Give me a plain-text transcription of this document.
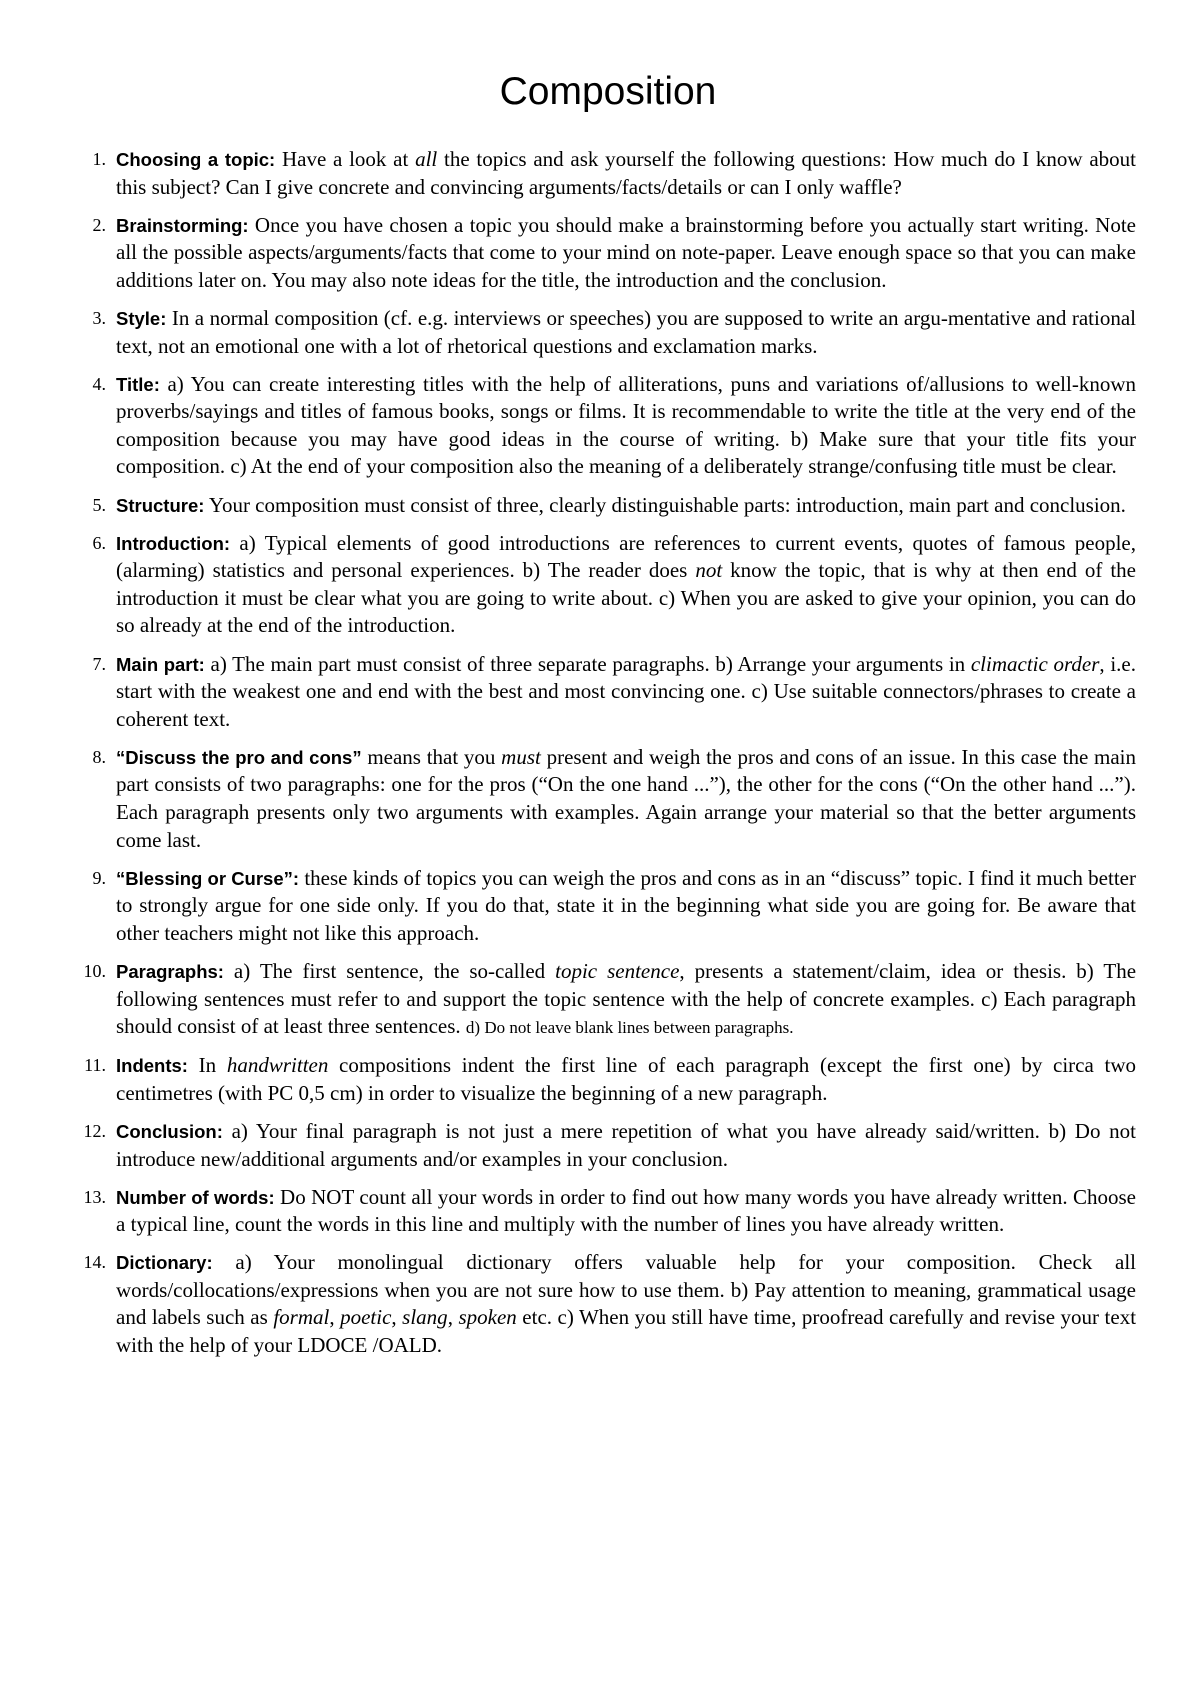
Composition
1. Choosing a topic: Have a look at all the topics and ask yourself the following questions: How much do I know about this subject? Can I give concrete and convincing arguments/facts/details or can I only waffle?
2. Brainstorming: Once you have chosen a topic you should make a brainstorming before you actually start writing. Note all the possible aspects/arguments/facts that come to your mind on note-paper. Leave enough space so that you can make additions later on. You may also note ideas for the title, the introduction and the conclusion.
3. Style: In a normal composition (cf. e.g. interviews or speeches) you are supposed to write an argu-mentative and rational text, not an emotional one with a lot of rhetorical questions and exclamation marks.
4. Title: a) You can create interesting titles with the help of alliterations, puns and variations of/allusions to well-known proverbs/sayings and titles of famous books, songs or films. It is recommendable to write the title at the very end of the composition because you may have good ideas in the course of writing. b) Make sure that your title fits your composition. c) At the end of your composition also the meaning of a deliberately strange/confusing title must be clear.
5. Structure: Your composition must consist of three, clearly distinguishable parts: introduction, main part and conclusion.
6. Introduction: a) Typical elements of good introductions are references to current events, quotes of famous people, (alarming) statistics and personal experiences. b) The reader does not know the topic, that is why at then end of the introduction it must be clear what you are going to write about. c) When you are asked to give your opinion, you can do so already at the end of the introduction.
7. Main part: a) The main part must consist of three separate paragraphs. b) Arrange your arguments in climactic order, i.e. start with the weakest one and end with the best and most convincing one. c) Use suitable connectors/phrases to create a coherent text.
8. “Discuss the pro and cons” means that you must present and weigh the pros and cons of an issue. In this case the main part consists of two paragraphs: one for the pros (“On the one hand ...”), the other for the cons (“On the other hand ...”). Each paragraph presents only two arguments with examples. Again arrange your material so that the better arguments come last.
9. “Blessing or Curse”: these kinds of topics you can weigh the pros and cons as in an “discuss” topic. I find it much better to strongly argue for one side only. If you do that, state it in the beginning what side you are going for. Be aware that other teachers might not like this approach.
10. Paragraphs: a) The first sentence, the so-called topic sentence, presents a statement/claim, idea or thesis. b) The following sentences must refer to and support the topic sentence with the help of concrete examples. c) Each paragraph should consist of at least three sentences. d) Do not leave blank lines between paragraphs.
11. Indents: In handwritten compositions indent the first line of each paragraph (except the first one) by circa two centimetres (with PC 0,5 cm) in order to visualize the beginning of a new paragraph.
12. Conclusion: a) Your final paragraph is not just a mere repetition of what you have already said/written. b) Do not introduce new/additional arguments and/or examples in your conclusion.
13. Number of words: Do NOT count all your words in order to find out how many words you have already written. Choose a typical line, count the words in this line and multiply with the number of lines you have already written.
14. Dictionary: a) Your monolingual dictionary offers valuable help for your composition. Check all words/collocations/expressions when you are not sure how to use them. b) Pay attention to meaning, grammatical usage and labels such as formal, poetic, slang, spoken etc. c) When you still have time, proofread carefully and revise your text with the help of your LDOCE /OALD.
